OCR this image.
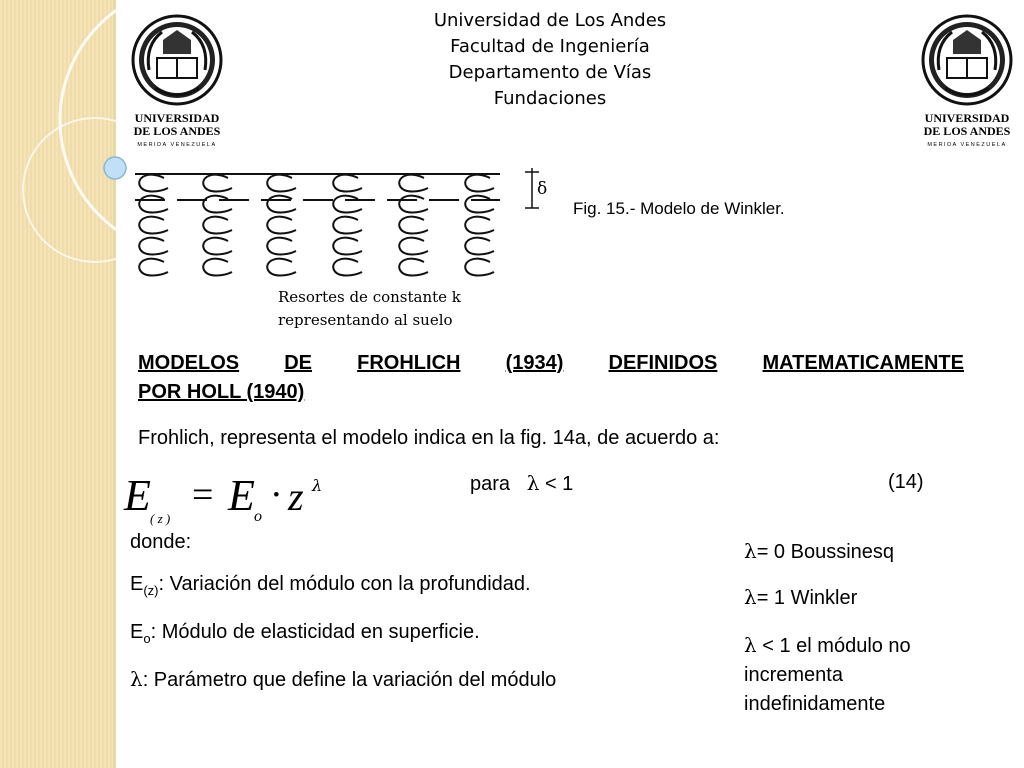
UNIVERSIDAD
DE LOS ANDES
MERIDA VENEZUELA
UNIVERSIDAD
DE LOS ANDES
MERIDA VENEZUELA
Universidad de Los Andes
Facultad de Ingeniería
Departamento de Vías
Fundaciones
δ
Resortes de constante k
representando al suelo
Fig. 15.- Modelo de Winkler.
MODELOS DE FROHLICH (1934) DEFINIDOS MATEMATICAMENTE
POR HOLL (1940)
Frohlich, representa el modelo indica en la fig. 14a, de acuerdo a:
E ( z )
= E o
· z λ	para λ < 1	(14)
donde:
$E_{(z)}$: Variación del módulo con la profundidad.
$E_o$: Módulo de elasticidad en superficie.
λ: Parámetro que define la variación del módulo
λ= 0 Boussinesq
λ= 1 Winkler
λ < 1 el módulo no
incrementa
indefinidamente
